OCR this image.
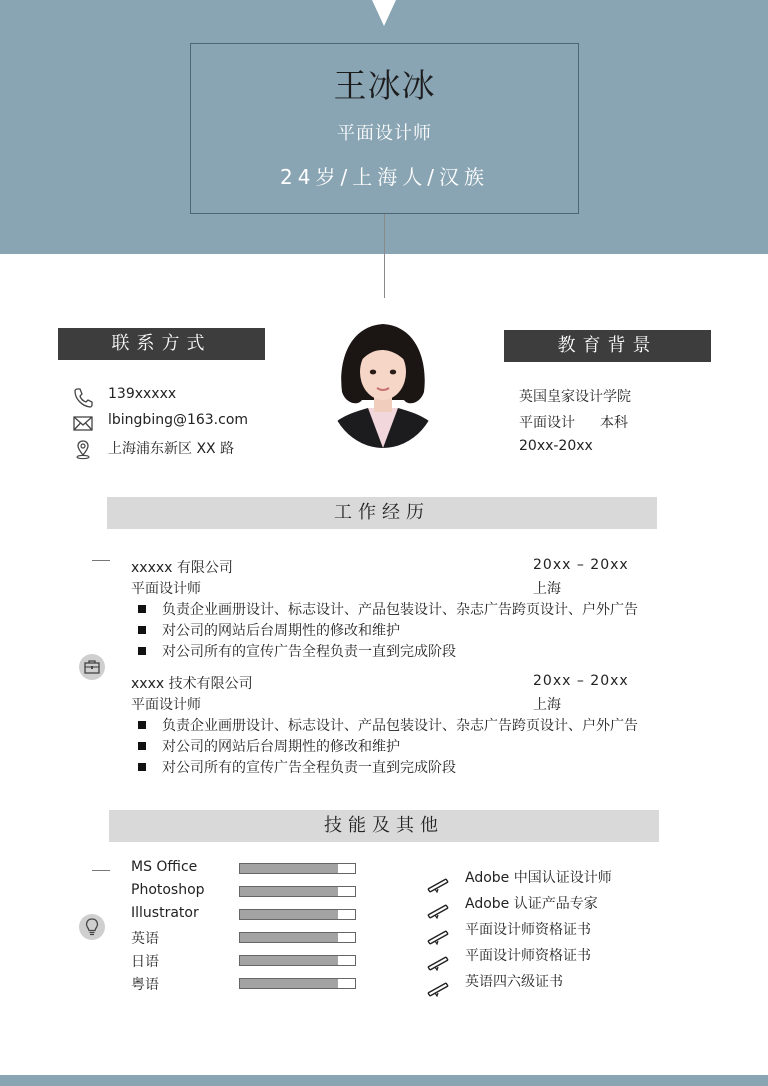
王冰冰
平面设计师
24岁/上海人/汉族
联系方式
139xxxxx
lbingbing@163.com
上海浦东新区 XX 路
教育背景
英国皇家设计学院
平面设计 本科
20xx-20xx
工作经历
xxxxx 有限公司
平面设计师
20xx – 20xx
上海
负责企业画册设计、标志设计、产品包装设计、杂志广告跨页设计、户外广告
对公司的网站后台周期性的修改和维护
对公司所有的宣传广告全程负责一直到完成阶段
xxxx 技术有限公司
平面设计师
20xx – 20xx
上海
负责企业画册设计、标志设计、产品包装设计、杂志广告跨页设计、户外广告
对公司的网站后台周期性的修改和维护
对公司所有的宣传广告全程负责一直到完成阶段
技能及其他
MS Office
Photoshop
Illustrator
英语
日语
粤语
Adobe 中国认证设计师
Adobe 认证产品专家
平面设计师资格证书
平面设计师资格证书
英语四六级证书
